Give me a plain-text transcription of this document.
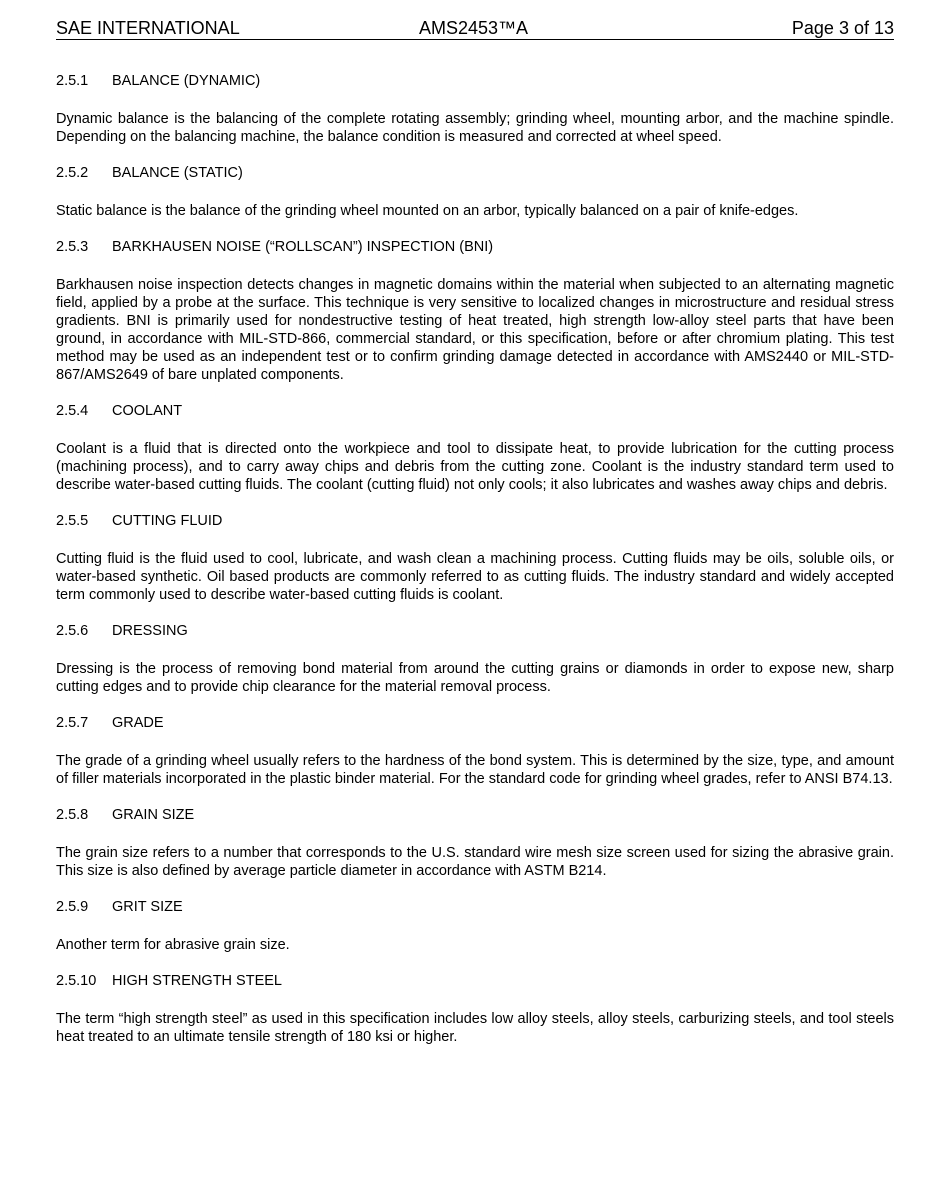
SAE INTERNATIONAL	AMS2453™A	Page 3 of 13
2.5.1	BALANCE (DYNAMIC)

Dynamic balance is the balancing of the complete rotating assembly; grinding wheel, mounting arbor, and the machine spindle. Depending on the balancing machine, the balance condition is measured and corrected at wheel speed.

2.5.2	BALANCE (STATIC)

Static balance is the balance of the grinding wheel mounted on an arbor, typically balanced on a pair of knife-edges.

2.5.3	BARKHAUSEN NOISE (“ROLLSCAN”) INSPECTION (BNI)

Barkhausen noise inspection detects changes in magnetic domains within the material when subjected to an alternating magnetic field, applied by a probe at the surface. This technique is very sensitive to localized changes in microstructure and residual stress gradients. BNI is primarily used for nondestructive testing of heat treated, high strength low-alloy steel parts that have been ground, in accordance with MIL-STD-866, commercial standard, or this specification, before or after chromium plating. This test method may be used as an independent test or to confirm grinding damage detected in accordance with AMS2440 or MIL-STD-867/AMS2649 of bare unplated components.

2.5.4	COOLANT

Coolant is a fluid that is directed onto the workpiece and tool to dissipate heat, to provide lubrication for the cutting process (machining process), and to carry away chips and debris from the cutting zone. Coolant is the industry standard term used to describe water-based cutting fluids. The coolant (cutting fluid) not only cools; it also lubricates and washes away chips and debris.

2.5.5	CUTTING FLUID

Cutting fluid is the fluid used to cool, lubricate, and wash clean a machining process. Cutting fluids may be oils, soluble oils, or water-based synthetic. Oil based products are commonly referred to as cutting fluids. The industry standard and widely accepted term commonly used to describe water-based cutting fluids is coolant.

2.5.6	DRESSING

Dressing is the process of removing bond material from around the cutting grains or diamonds in order to expose new, sharp cutting edges and to provide chip clearance for the material removal process.

2.5.7	GRADE

The grade of a grinding wheel usually refers to the hardness of the bond system. This is determined by the size, type, and amount of filler materials incorporated in the plastic binder material. For the standard code for grinding wheel grades, refer to ANSI B74.13.

2.5.8	GRAIN SIZE

The grain size refers to a number that corresponds to the U.S. standard wire mesh size screen used for sizing the abrasive grain. This size is also defined by average particle diameter in accordance with ASTM B214.

2.5.9	GRIT SIZE

Another term for abrasive grain size.

2.5.10	HIGH STRENGTH STEEL

The term “high strength steel” as used in this specification includes low alloy steels, alloy steels, carburizing steels, and tool steels heat treated to an ultimate tensile strength of 180 ksi or higher.
